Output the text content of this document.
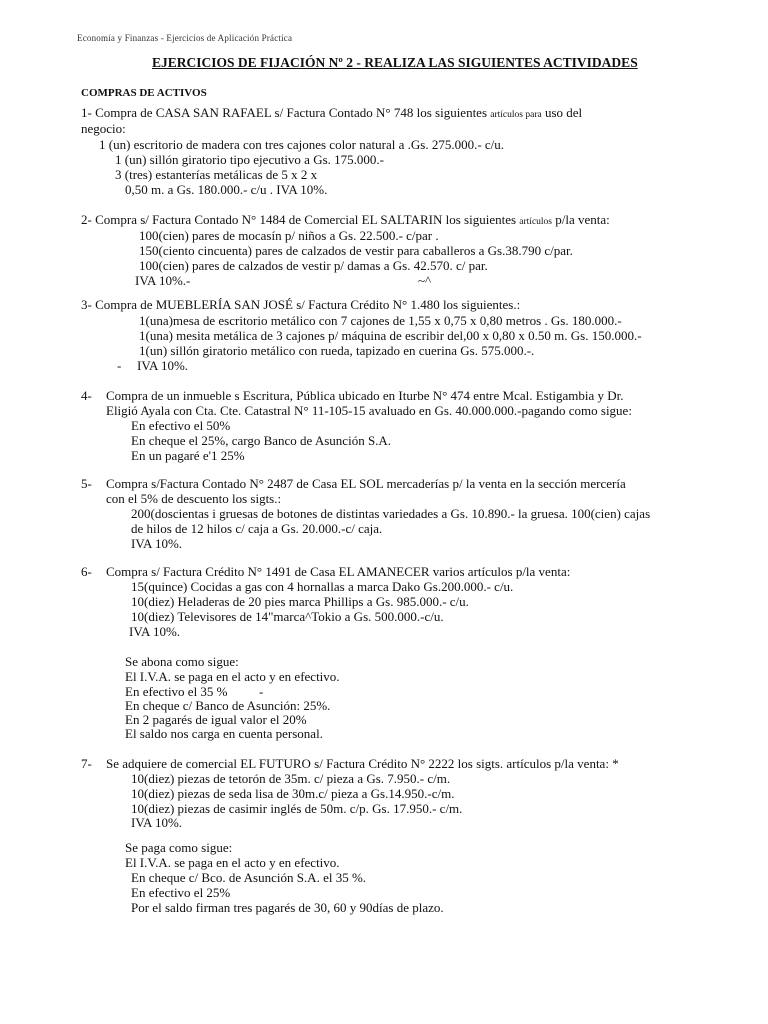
Economía y Finanzas - Ejercicios de Aplicación Práctica
EJERCICIOS DE FIJACIÓN Nº 2 - REALIZA LAS SIGUIENTES ACTIVIDADES
COMPRAS DE ACTIVOS
1- Compra de CASA SAN RAFAEL s/ Factura Contado N° 748 los siguientes artículos para uso del
negocio:
1 (un) escritorio de madera con tres cajones color natural a .Gs. 275.000.- c/u.
1 (un) sillón giratorio tipo ejecutivo a Gs. 175.000.-
3 (tres) estanterías metálicas de 5 x 2 x
0,50 m. a Gs. 180.000.- c/u . IVA 10%.
2- Compra s/ Factura Contado N° 1484 de Comercial EL SALTARIN los siguientes artículos p/la venta:
100(cien) pares de mocasín p/ niños a Gs. 22.500.- c/par .
150(ciento cincuenta) pares de calzados de vestir para caballeros a Gs.38.790 c/par.
100(cien) pares de calzados de vestir p/ damas a Gs. 42.570. c/ par.
IVA 10%.-	~^
3- Compra de MUEBLERÍA SAN JOSÉ s/ Factura Crédito N° 1.480 los siguientes.:
1(una)mesa de escritorio metálico con 7 cajones de 1,55 x 0,75 x 0,80 metros . Gs. 180.000.-
1(una) mesita metálica de 3 cajones p/ máquina de escribir del,00 x 0,80 x 0.50 m. Gs. 150.000.-
1(un) sillón giratorio metálico con rueda, tapizado en cuerina Gs. 575.000.-.
- IVA 10%.
4- Compra de un inmueble s Escritura, Pública ubicado en Iturbe N° 474 entre Mcal. Estigambia y Dr.
Eligió Ayala con Cta. Cte. Catastral N° 11-105-15 avaluado en Gs. 40.000.000.-pagando como sigue:
En efectivo el 50%
En cheque el 25%, cargo Banco de Asunción S.A.
En un pagaré e'1 25%
5- Compra s/Factura Contado N° 2487 de Casa EL SOL mercaderías p/ la venta en la sección mercería
con el 5% de descuento los sigts.:
200(doscientas i gruesas de botones de distintas variedades a Gs. 10.890.- la gruesa. 100(cien) cajas
de hilos de 12 hilos c/ caja a Gs. 20.000.-c/ caja.
IVA 10%.
6- Compra s/ Factura Crédito N° 1491 de Casa EL AMANECER varios artículos p/la venta:
15(quince) Cocidas a gas con 4 hornallas a marca Dako Gs.200.000.- c/u.
10(diez) Heladeras de 20 pies marca Phillips a Gs. 985.000.- c/u.
10(diez) Televisores de 14"marca^Tokio a Gs. 500.000.-c/u.
IVA 10%.
Se abona como sigue:
El I.V.A. se paga en el acto y en efectivo.
En efectivo el 35 % -
En cheque c/ Banco de Asunción: 25%.
En 2 pagarés de igual valor el 20%
El saldo nos carga en cuenta personal.
7- Se adquiere de comercial EL FUTURO s/ Factura Crédito N° 2222 los sigts. artículos p/la venta: *
10(diez) piezas de tetorón de 35m. c/ pieza a Gs. 7.950.- c/m.
10(diez) piezas de seda lisa de 30m.c/ pieza a Gs.14.950.-c/m.
10(diez) piezas de casimir inglés de 50m. c/p. Gs. 17.950.- c/m.
IVA 10%.
Se paga como sigue:
El I.V.A. se paga en el acto y en efectivo.
En cheque c/ Bco. de Asunción S.A. el 35 %.
En efectivo el 25%
Por el saldo firman tres pagarés de 30, 60 y 90días de plazo.
